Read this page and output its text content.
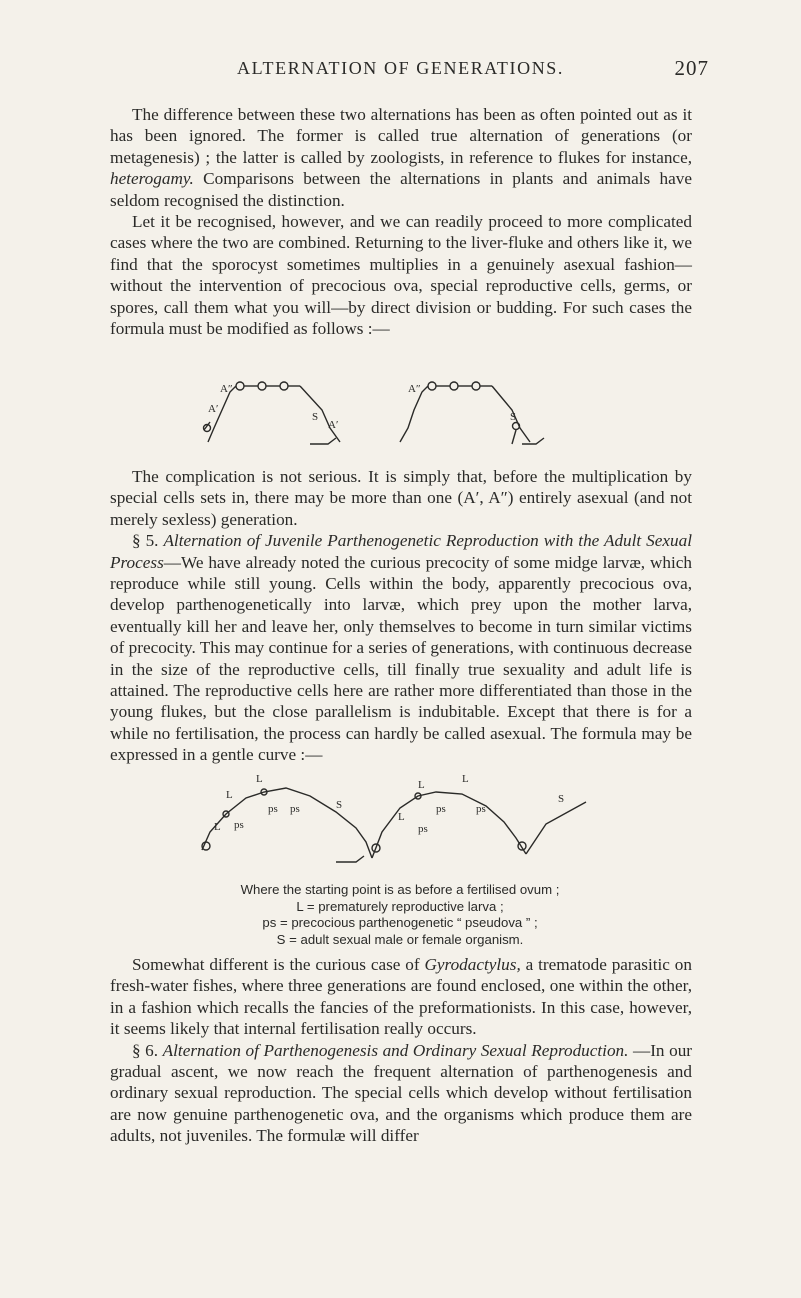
ALTERNATION OF GENERATIONS.	207

The difference between these two alternations has been as often pointed out as it has been ignored. The former is called true alternation of generations (or metagenesis) ; the latter is called by zoologists, in reference to flukes for instance, heterogamy. Comparisons between the alternations in plants and animals have seldom recognised the distinction.

Let it be recognised, however, and we can readily proceed to more complicated cases where the two are combined. Returning to the liver-fluke and others like it, we find that the sporocyst sometimes multiplies in a genuinely asexual fashion—without the intervention of precocious ova, special reproductive cells, germs, or spores, call them what you will—by direct division or budding. For such cases the formula must be modified as follows :—

A″
A′
S
A′
A″
S

The complication is not serious. It is simply that, before the multiplication by special cells sets in, there may be more than one (A′, A″) entirely asexual (and not merely sexless) generation.

§ 5. Alternation of Juvenile Parthenogenetic Reproduction with the Adult Sexual Process—We have already noted the curious precocity of some midge larvæ, which reproduce while still young. Cells within the body, apparently precocious ova, develop parthenogenetically into larvæ, which prey upon the mother larva, eventually kill her and leave her, only themselves to become in turn similar victims of precocity. This may continue for a series of generations, with continuous decrease in the size of the reproductive cells, till finally true sexuality and adult life is attained. The reproductive cells here are rather more differentiated than those in the young flukes, but the close parallelism is indubitable. Except that there is for a while no fertilisation, the process can hardly be called asexual. The formula may be expressed in a gentle curve :—

L
L
L
ps ps
ps
S
L	L
L
ps	ps
ps
S
Where the starting point is as before a fertilised ovum ;
L = prematurely reproductive larva ;
ps = precocious parthenogenetic “ pseudova ” ;
S = adult sexual male or female organism.

Somewhat different is the curious case of Gyrodactylus, a trematode parasitic on fresh-water fishes, where three generations are found enclosed, one within the other, in a fashion which recalls the fancies of the preformationists. In this case, however, it seems likely that internal fertilisation really occurs.

§ 6. Alternation of Parthenogenesis and Ordinary Sexual Reproduction. —In our gradual ascent, we now reach the frequent alternation of parthenogenesis and ordinary sexual reproduction. The special cells which develop without fertilisation are now genuine parthenogenetic ova, and the organisms which produce them are adults, not juveniles. The formulæ will differ
